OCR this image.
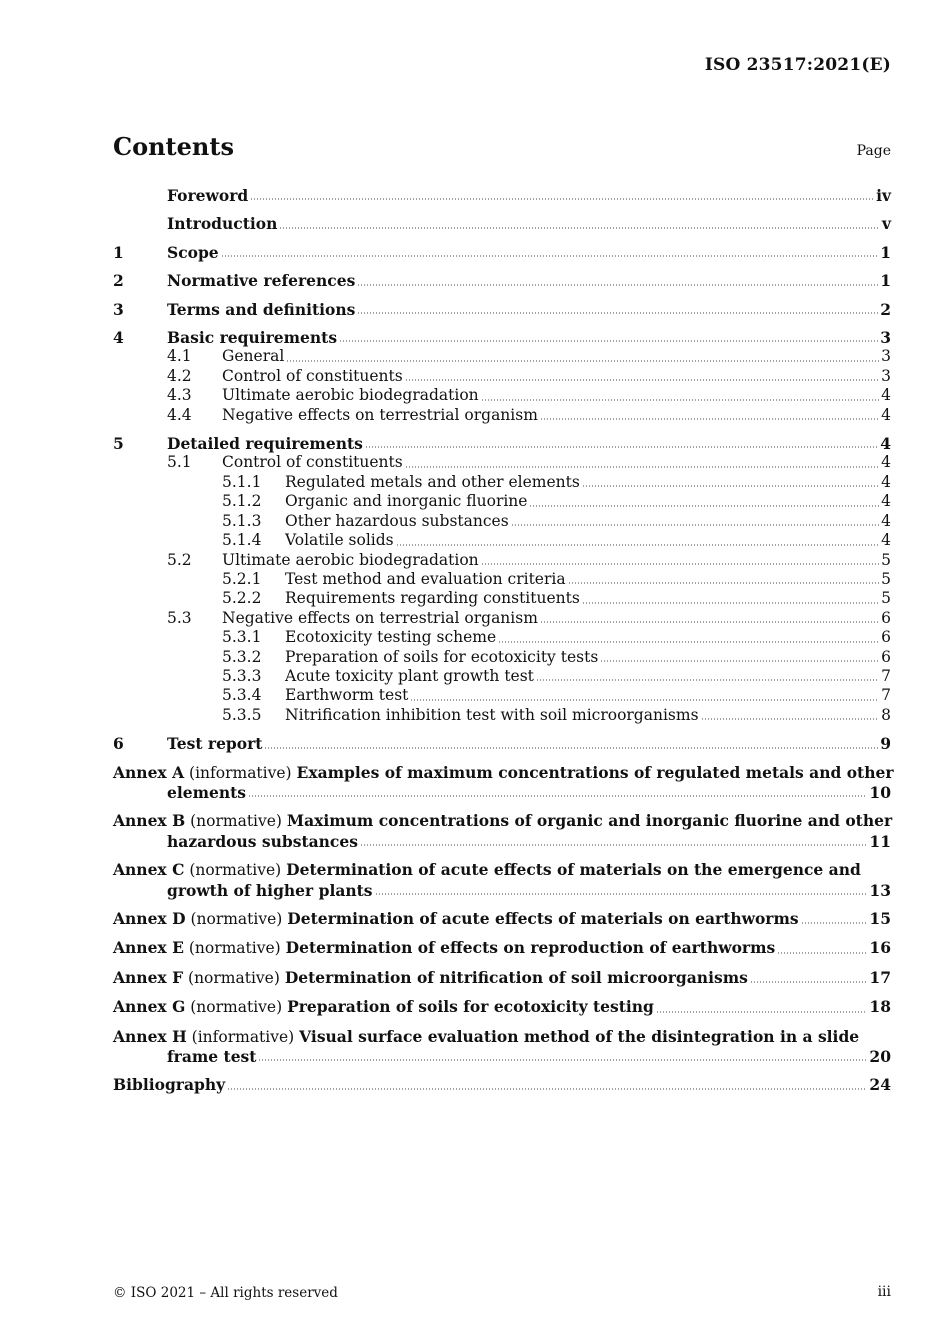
ISO 23517:2021(E)
Contents	Page
Foreword	iv
Introduction	v
1	Scope	1
2	Normative references	1
3	Terms and definitions	2
4	Basic requirements	3
4.1	General	3
4.2	Control of constituents	3
4.3	Ultimate aerobic biodegradation	4
4.4	Negative effects on terrestrial organism	4
5	Detailed requirements	4
5.1	Control of constituents	4
5.1.1	Regulated metals and other elements	4
5.1.2	Organic and inorganic fluorine	4
5.1.3	Other hazardous substances	4
5.1.4	Volatile solids	4
5.2	Ultimate aerobic biodegradation	5
5.2.1	Test method and evaluation criteria	5
5.2.2	Requirements regarding constituents	5
5.3	Negative effects on terrestrial organism	6
5.3.1	Ecotoxicity testing scheme	6
5.3.2	Preparation of soils for ecotoxicity tests	6
5.3.3	Acute toxicity plant growth test	7
5.3.4	Earthworm test	7
5.3.5	Nitrification inhibition test with soil microorganisms	8
6	Test report	9
Annex A (informative) Examples of maximum concentrations of regulated metals and other
elements	10
Annex B (normative) Maximum concentrations of organic and inorganic fluorine and other
hazardous substances	11
Annex C (normative) Determination of acute effects of materials on the emergence and
growth of higher plants	13
Annex D (normative) Determination of acute effects of materials on earthworms	15
Annex E (normative) Determination of effects on reproduction of earthworms	16
Annex F (normative) Determination of nitrification of soil microorganisms	17
Annex G (normative) Preparation of soils for ecotoxicity testing	18
Annex H (informative) Visual surface evaluation method of the disintegration in a slide
frame test	20
Bibliography	24
© ISO 2021 – All rights reserved	iii
